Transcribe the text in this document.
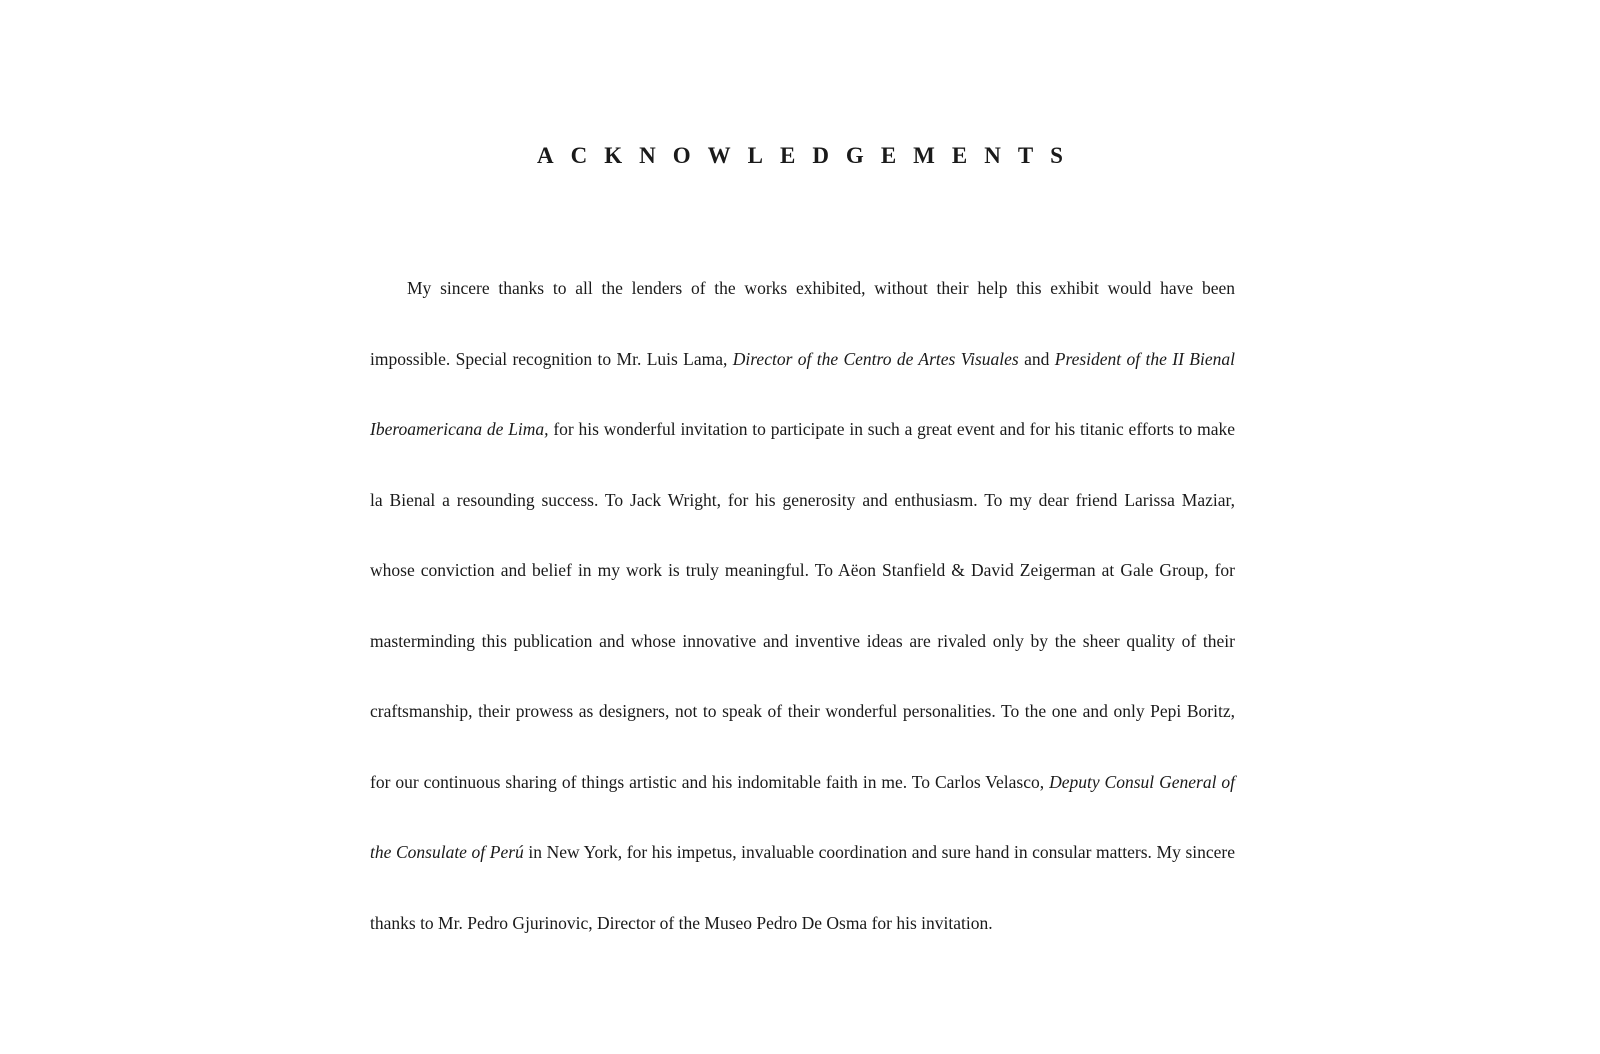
ACKNOWLEDGEMENTS

My sincere thanks to all the lenders of the works exhibited, without their help this exhibit would have been impossible. Special recognition to Mr. Luis Lama, Director of the Centro de Artes Visuales and President of the II Bienal Iberoamericana de Lima, for his wonderful invitation to participate in such a great event and for his titanic efforts to make la Bienal a resounding success. To Jack Wright, for his generosity and enthusiasm. To my dear friend Larissa Maziar, whose conviction and belief in my work is truly meaningful. To Aëon Stanfield & David Zeigerman at Gale Group, for masterminding this publication and whose innovative and inventive ideas are rivaled only by the sheer quality of their craftsmanship, their prowess as designers, not to speak of their wonderful personalities. To the one and only Pepi Boritz, for our continuous sharing of things artistic and his indomitable faith in me. To Carlos Velasco, Deputy Consul General of the Consulate of Perú in New York, for his impetus, invaluable coordination and sure hand in consular matters. My sincere thanks to Mr. Pedro Gjurinovic, Director of the Museo Pedro De Osma for his invitation.
